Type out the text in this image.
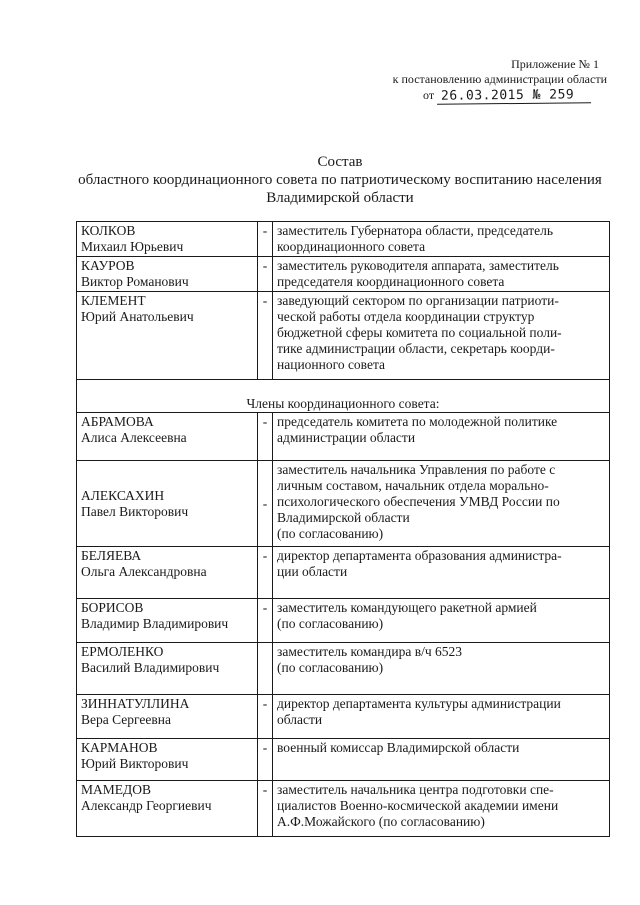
Приложение № 1
к постановлению администрации области
от 26.03.2015 № 259
Состав
областного координационного совета по патриотическому воспитанию населения
Владимирской области
КОЛКОВ
Михаил Юрьевич	-	заместитель Губернатора области, председатель
координационного совета

КАУРОВ
Виктор Романович	-	заместитель руководителя аппарата, заместитель
председателя координационного совета

КЛЕМЕНТ
Юрий Анатольевич	-	заведующий сектором по организации патриоти-
ческой работы отдела координации структур
бюджетной сферы комитета по социальной поли-
тике администрации области, секретарь коорди-
национного совета

Члены координационного совета:		

АБРАМОВА
Алиса Алексеевна	-	председатель комитета по молодежной политике
администрации области

АЛЕКСАХИН
Павел Викторович	-	заместитель начальника Управления по работе с
личным составом, начальник отдела морально-
психологического обеспечения УМВД России по
Владимирской области
(по согласованию)

БЕЛЯЕВА
Ольга Александровна	-	директор департамента образования администра-
ции области

БОРИСОВ
Владимир Владимирович	-	заместитель командующего ракетной армией
(по согласованию)

ЕРМОЛЕНКО
Василий Владимирович		заместитель командира в/ч 6523
(по согласованию)

ЗИННАТУЛЛИНА
Вера Сергеевна	-	директор департамента культуры администрации
области

КАРМАНОВ
Юрий Викторович	-	военный комиссар Владимирской области

МАМЕДОВ
Александр Георгиевич	-	заместитель начальника центра подготовки спе-
циалистов Военно-космической академии имени
А.Ф.Можайского (по согласованию)
